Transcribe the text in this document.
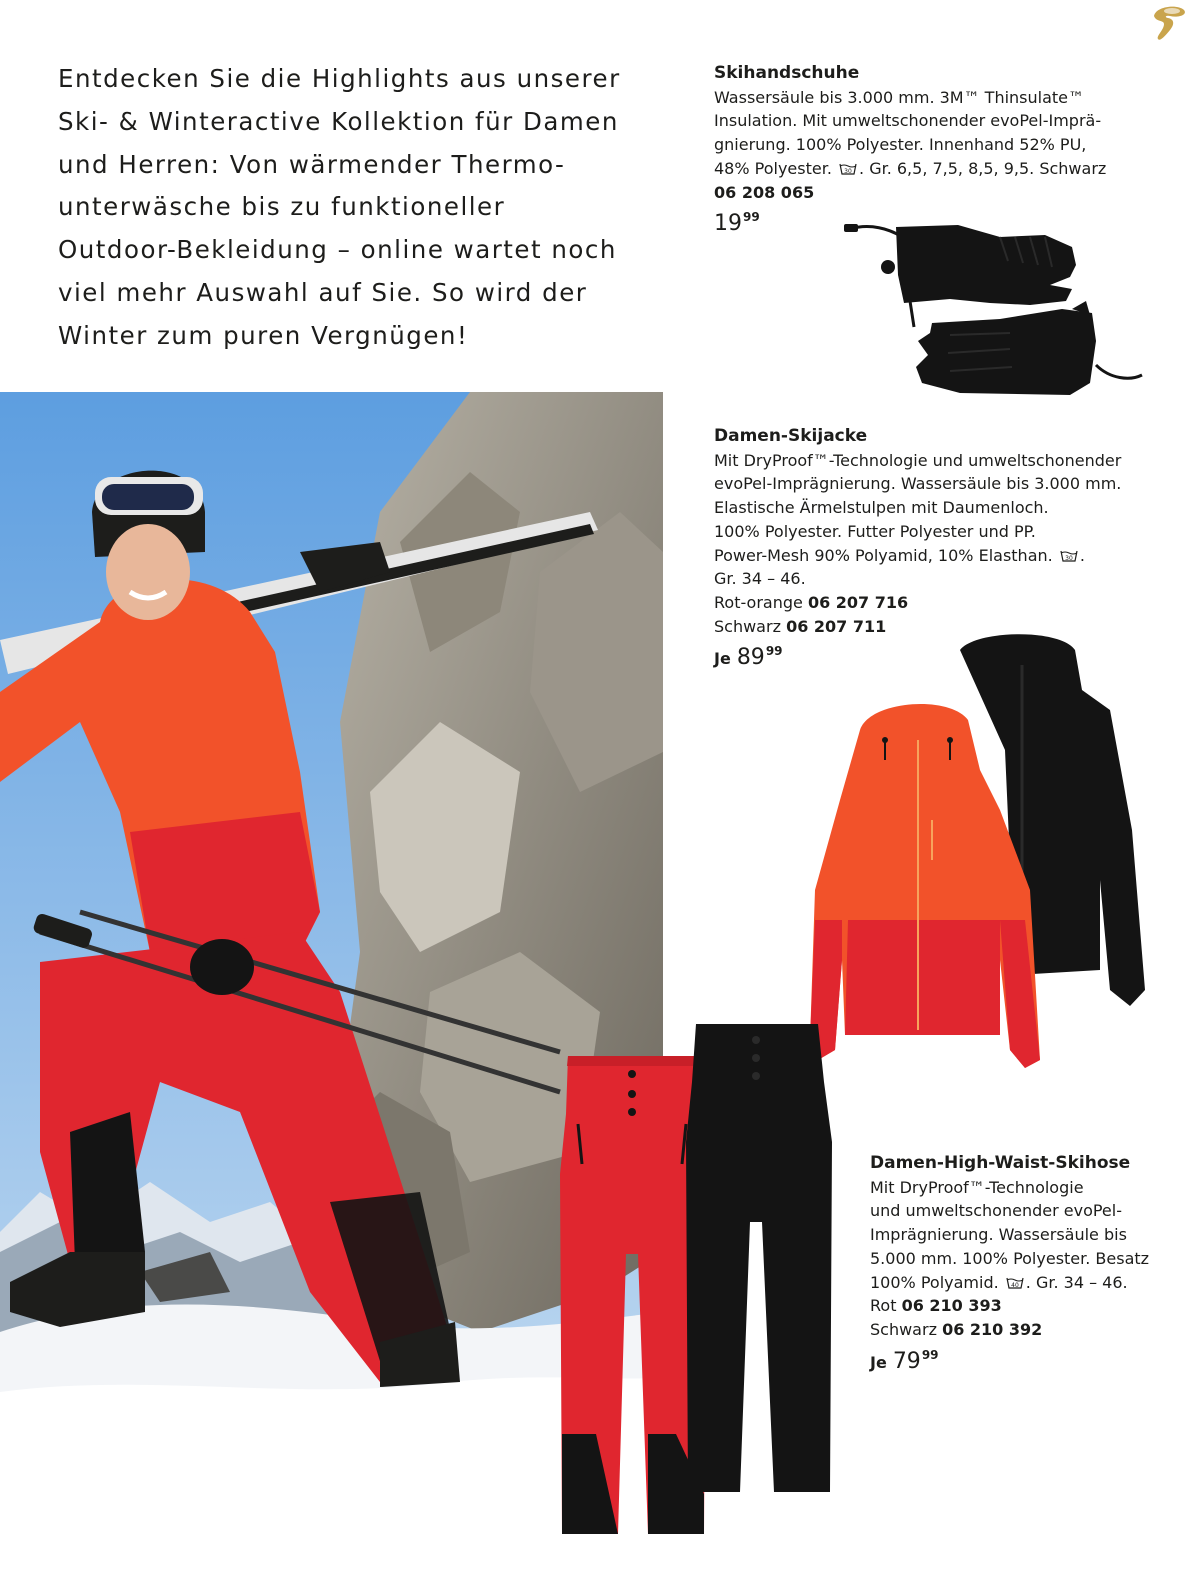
Entdecken Sie die Highlights aus unserer
Ski- & Winteractive Kollektion für Damen
und Herren: Von wärmender Thermo-
unterwäsche bis zu funktioneller
Outdoor-Bekleidung – online wartet noch
viel mehr Auswahl auf Sie. So wird der
Winter zum puren Vergnügen!
Skihandschuhe
Wassersäule bis 3.000 mm. 3M™ Thinsulate™
Insulation. Mit umweltschonender evoPel-Imprä-
gnierung. 100% Polyester. Innenhand 52% PU,
48% Polyester. 30 . Gr. 6,5, 7,5, 8,5, 9,5. Schwarz
06 208 065
$19^{99}$
Damen-Skijacke
Mit DryProof™-Technologie und umweltschonender
evoPel-Imprägnierung. Wassersäule bis 3.000 mm.
Elastische Ärmelstulpen mit Daumenloch.
100% Polyester. Futter Polyester und PP.
Power-Mesh 90% Polyamid, 10% Elasthan. 30 .
Gr. 34 – 46.
Rot-orange 06 207 716
Schwarz 06 207 711
Je $89^{99}$
Damen-High-Waist-Skihose
Mit DryProof™-Technologie
und umweltschonender evoPel-
Imprägnierung. Wassersäule bis
5.000 mm. 100% Polyester. Besatz
100% Polyamid. 40 . Gr. 34 – 46.
Rot 06 210 393
Schwarz 06 210 392
Je $79^{99}$
